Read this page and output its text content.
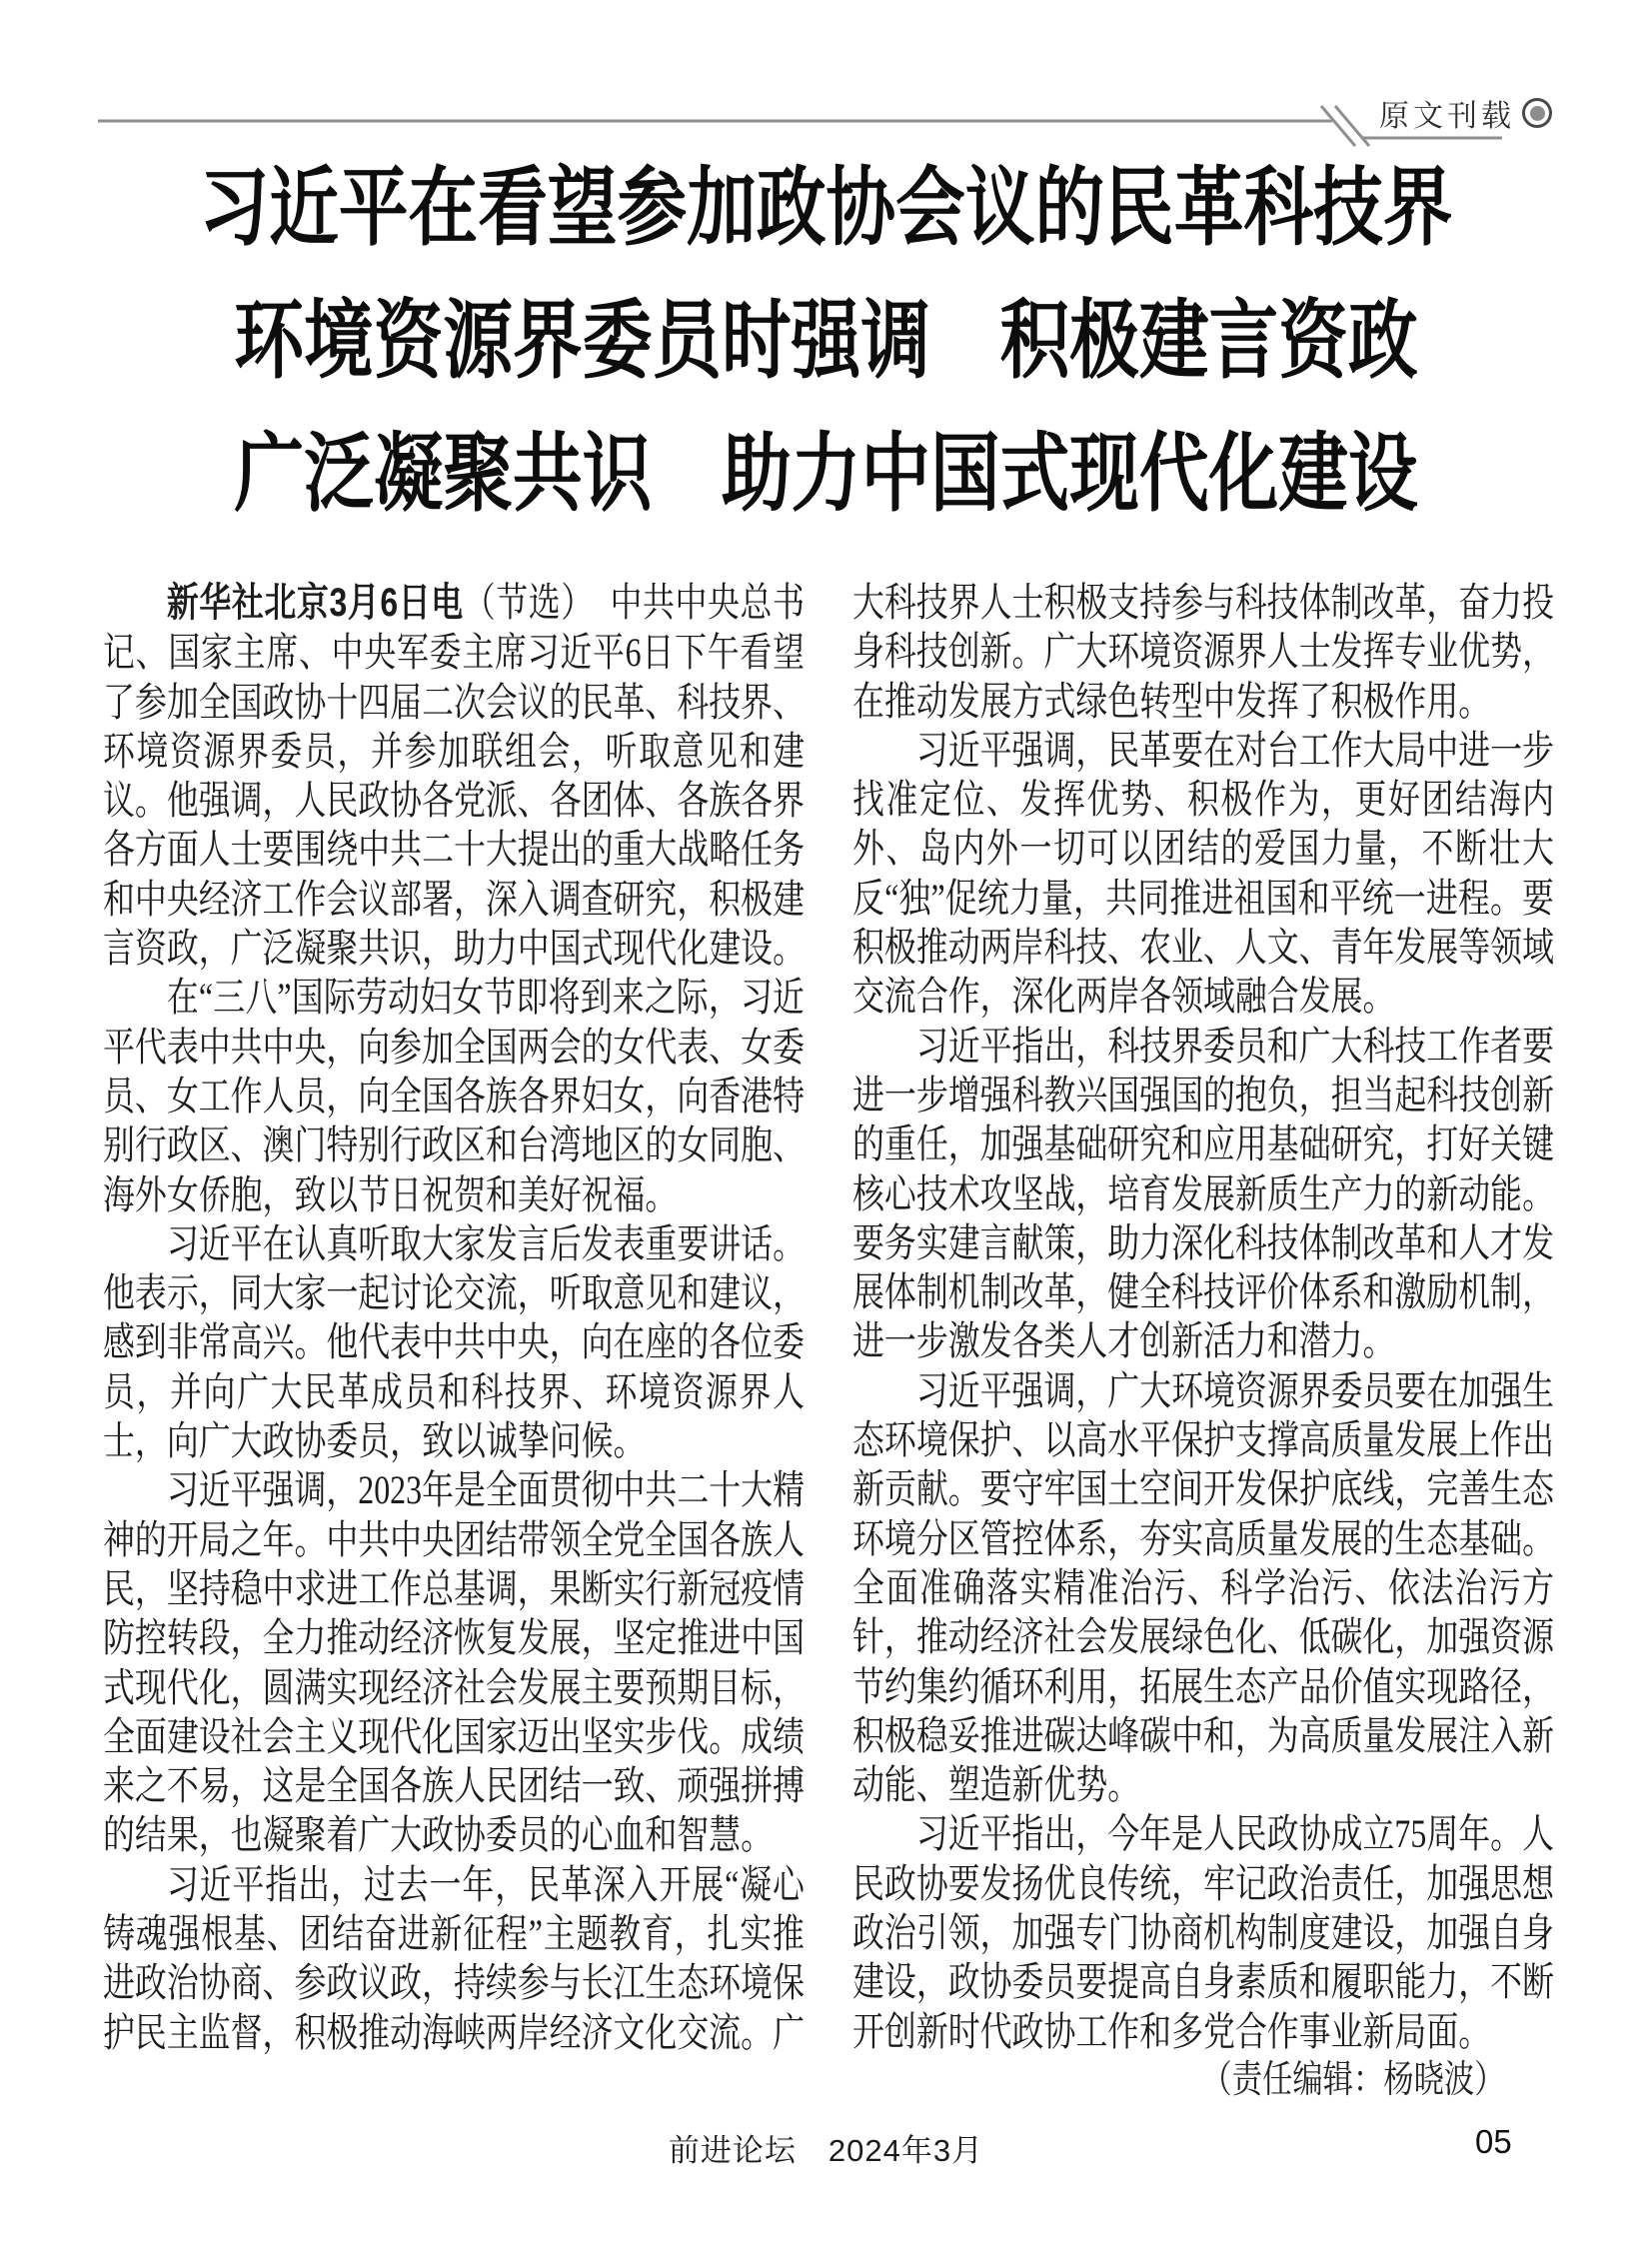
原文刊载
习近平在看望参加政协会议的民革科技界
环境资源界委员时强调　积极建言资政
广泛凝聚共识　助力中国式现代化建设

新华社北京3月6日电（节选）　中共中央总书记、国家主席、中央军委主席习近平6日下午看望了参加全国政协十四届二次会议的民革、科技界、环境资源界委员，并参加联组会，听取意见和建议。他强调，人民政协各党派、各团体、各族各界各方面人士要围绕中共二十大提出的重大战略任务和中央经济工作会议部署，深入调查研究，积极建言资政，广泛凝聚共识，助力中国式现代化建设。

在“三八”国际劳动妇女节即将到来之际，习近平代表中共中央，向参加全国两会的女代表、女委员、女工作人员，向全国各族各界妇女，向香港特别行政区、澳门特别行政区和台湾地区的女同胞、海外女侨胞，致以节日祝贺和美好祝福。

习近平在认真听取大家发言后发表重要讲话。他表示，同大家一起讨论交流，听取意见和建议，感到非常高兴。他代表中共中央，向在座的各位委员，并向广大民革成员和科技界、环境资源界人士，向广大政协委员，致以诚挚问候。

习近平强调，2023年是全面贯彻中共二十大精神的开局之年。中共中央团结带领全党全国各族人民，坚持稳中求进工作总基调，果断实行新冠疫情防控转段，全力推动经济恢复发展，坚定推进中国式现代化，圆满实现经济社会发展主要预期目标，全面建设社会主义现代化国家迈出坚实步伐。成绩来之不易，这是全国各族人民团结一致、顽强拼搏的结果，也凝聚着广大政协委员的心血和智慧。

习近平指出，过去一年，民革深入开展“凝心铸魂强根基、团结奋进新征程”主题教育，扎实推进政治协商、参政议政，持续参与长江生态环境保护民主监督，积极推动海峡两岸经济文化交流。广

大科技界人士积极支持参与科技体制改革，奋力投身科技创新。广大环境资源界人士发挥专业优势，在推动发展方式绿色转型中发挥了积极作用。

习近平强调，民革要在对台工作大局中进一步找准定位、发挥优势、积极作为，更好团结海内外、岛内外一切可以团结的爱国力量，不断壮大反“独”促统力量，共同推进祖国和平统一进程。要积极推动两岸科技、农业、人文、青年发展等领域交流合作，深化两岸各领域融合发展。

习近平指出，科技界委员和广大科技工作者要进一步增强科教兴国强国的抱负，担当起科技创新的重任，加强基础研究和应用基础研究，打好关键核心技术攻坚战，培育发展新质生产力的新动能。要务实建言献策，助力深化科技体制改革和人才发展体制机制改革，健全科技评价体系和激励机制，进一步激发各类人才创新活力和潜力。

习近平强调，广大环境资源界委员要在加强生态环境保护、以高水平保护支撑高质量发展上作出新贡献。要守牢国土空间开发保护底线，完善生态环境分区管控体系，夯实高质量发展的生态基础。全面准确落实精准治污、科学治污、依法治污方针，推动经济社会发展绿色化、低碳化，加强资源节约集约循环利用，拓展生态产品价值实现路径，积极稳妥推进碳达峰碳中和，为高质量发展注入新动能、塑造新优势。

习近平指出，今年是人民政协成立75周年。人民政协要发扬优良传统，牢记政治责任，加强思想政治引领，加强专门协商机构制度建设，加强自身建设，政协委员要提高自身素质和履职能力，不断开创新时代政协工作和多党合作事业新局面。

（责任编辑：杨晓波）

前进论坛　2024年3月	05
